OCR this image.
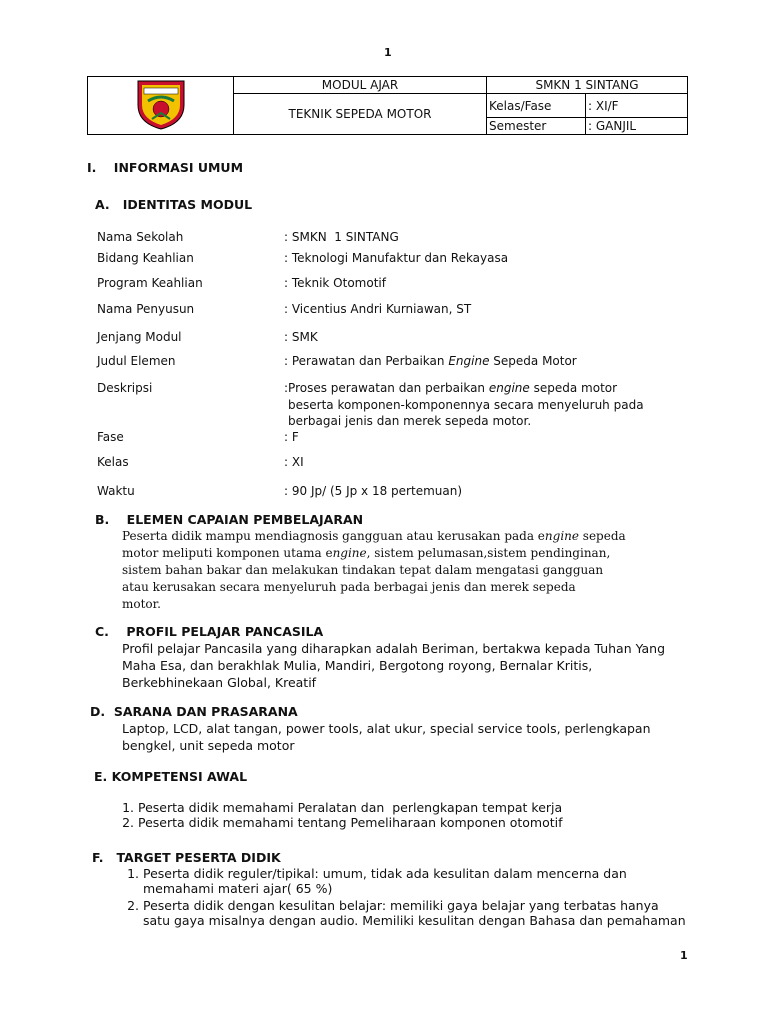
1
	MODUL AJAR	SMKN 1 SINTANG	
	TEKNIK SEPEDA MOTOR	Kelas/Fase	: XI/F
		Semester	: GANJIL
I.    INFORMASI UMUM
A.   IDENTITAS MODUL
Nama Sekolah	: SMKN  1 SINTANG
Bidang Keahlian	: Teknologi Manufaktur dan Rekayasa
Program Keahlian	: Teknik Otomotif
Nama Penyusun	: Vicentius Andri Kurniawan, ST
Jenjang Modul	: SMK
Judul Elemen	: Perawatan dan Perbaikan Engine Sepeda Motor
Deskripsi	:Proses perawatan dan perbaikan engine sepeda motor
beserta komponen-komponennya secara menyeluruh pada
berbagai jenis dan merek sepeda motor.
Fase	: F
Kelas	: XI
Waktu	: 90 Jp/ (5 Jp x 18 pertemuan)
B.    ELEMEN CAPAIAN PEMBELAJARAN
Peserta didik mampu mendiagnosis gangguan atau kerusakan pada engine sepeda
motor meliputi komponen utama engine, sistem pelumasan,sistem pendinginan,
sistem bahan bakar dan melakukan tindakan tepat dalam mengatasi gangguan
atau kerusakan secara menyeluruh pada berbagai jenis dan merek sepeda
motor.
C.    PROFIL PELAJAR PANCASILA
Profil pelajar Pancasila yang diharapkan adalah Beriman, bertakwa kepada Tuhan Yang
Maha Esa, dan berakhlak Mulia, Mandiri, Bergotong royong, Bernalar Kritis,
Berkebhinekaan Global, Kreatif
D.  SARANA DAN PRASARANA
Laptop, LCD, alat tangan, power tools, alat ukur, special service tools, perlengkapan
bengkel, unit sepeda motor
E. KOMPETENSI AWAL
1. Peserta didik memahami Peralatan dan  perlengkapan tempat kerja
2. Peserta didik memahami tentang Pemeliharaan komponen otomotif
F.   TARGET PESERTA DIDIK
1. Peserta didik reguler/tipikal: umum, tidak ada kesulitan dalam mencerna dan
memahami materi ajar( 65 %)
2. Peserta didik dengan kesulitan belajar: memiliki gaya belajar yang terbatas hanya
satu gaya misalnya dengan audio. Memiliki kesulitan dengan Bahasa dan pemahaman
1
